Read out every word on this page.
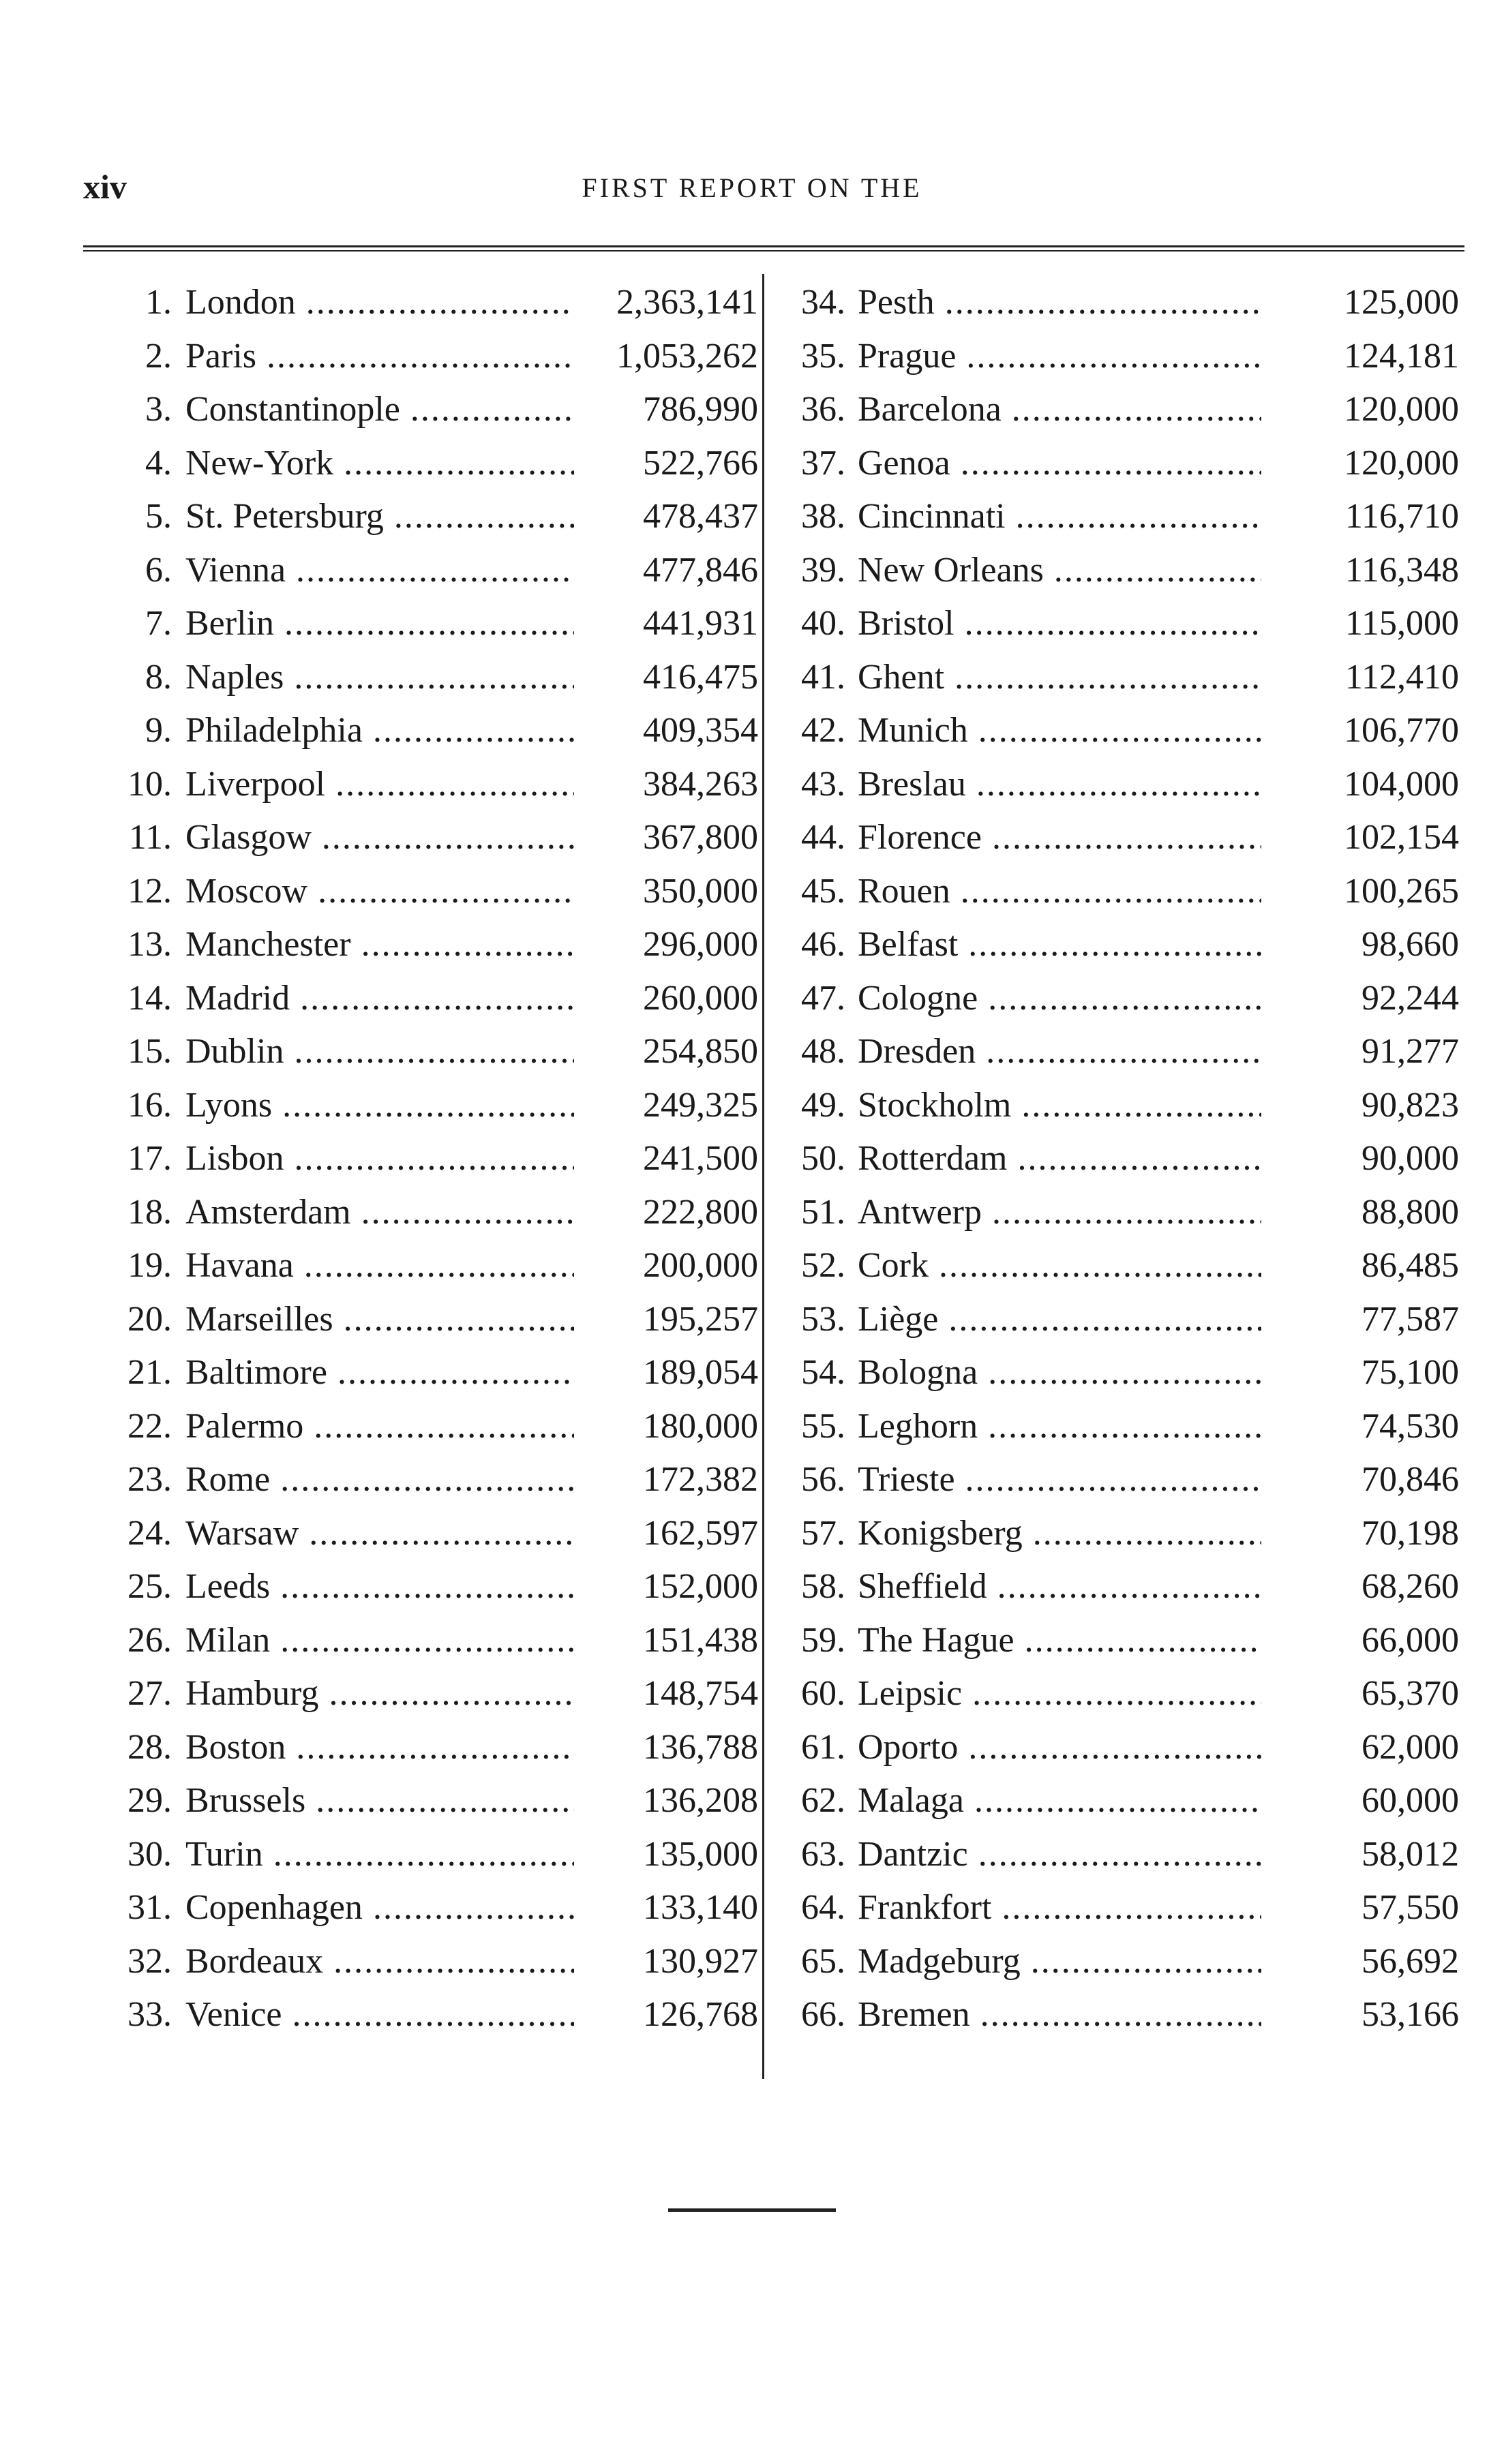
xiv	FIRST REPORT ON THE
1. London .....	2,363,141
2. Paris .....	1,053,262
3. Constantinople .....	786,990
4. New-York .....	522,766
5. St. Petersburg .....	478,437
6. Vienna .....	477,846
7. Berlin .....	441,931
8. Naples .....	416,475
9. Philadelphia .....	409,354
10. Liverpool .....	384,263
11. Glasgow .....	367,800
12. Moscow .....	350,000
13. Manchester .....	296,000
14. Madrid .....	260,000
15. Dublin .....	254,850
16. Lyons .....	249,325
17. Lisbon .....	241,500
18. Amsterdam .....	222,800
19. Havana .....	200,000
20. Marseilles .....	195,257
21. Baltimore .....	189,054
22. Palermo .....	180,000
23. Rome .....	172,382
24. Warsaw .....	162,597
25. Leeds .....	152,000
26. Milan .....	151,438
27. Hamburg .....	148,754
28. Boston .....	136,788
29. Brussels .....	136,208
30. Turin .....	135,000
31. Copenhagen .....	133,140
32. Bordeaux .....	130,927
33. Venice .....	126,768
34. Pesth .....	125,000
35. Prague .....	124,181
36. Barcelona .....	120,000
37. Genoa .....	120,000
38. Cincinnati .....	116,710
39. New Orleans .....	116,348
40. Bristol .....	115,000
41. Ghent .....	112,410
42. Munich .....	106,770
43. Breslau .....	104,000
44. Florence .....	102,154
45. Rouen .....	100,265
46. Belfast .....	98,660
47. Cologne .....	92,244
48. Dresden .....	91,277
49. Stockholm .....	90,823
50. Rotterdam .....	90,000
51. Antwerp .....	88,800
52. Cork .....	86,485
53. Liège .....	77,587
54. Bologna .....	75,100
55. Leghorn .....	74,530
56. Trieste .....	70,846
57. Konigsberg .....	70,198
58. Sheffield .....	68,260
59. The Hague .....	66,000
60. Leipsic .....	65,370
61. Oporto .....	62,000
62. Malaga .....	60,000
63. Dantzic .....	58,012
64. Frankfort .....	57,550
65. Madgeburg .....	56,692
66. Bremen .....	53,166
